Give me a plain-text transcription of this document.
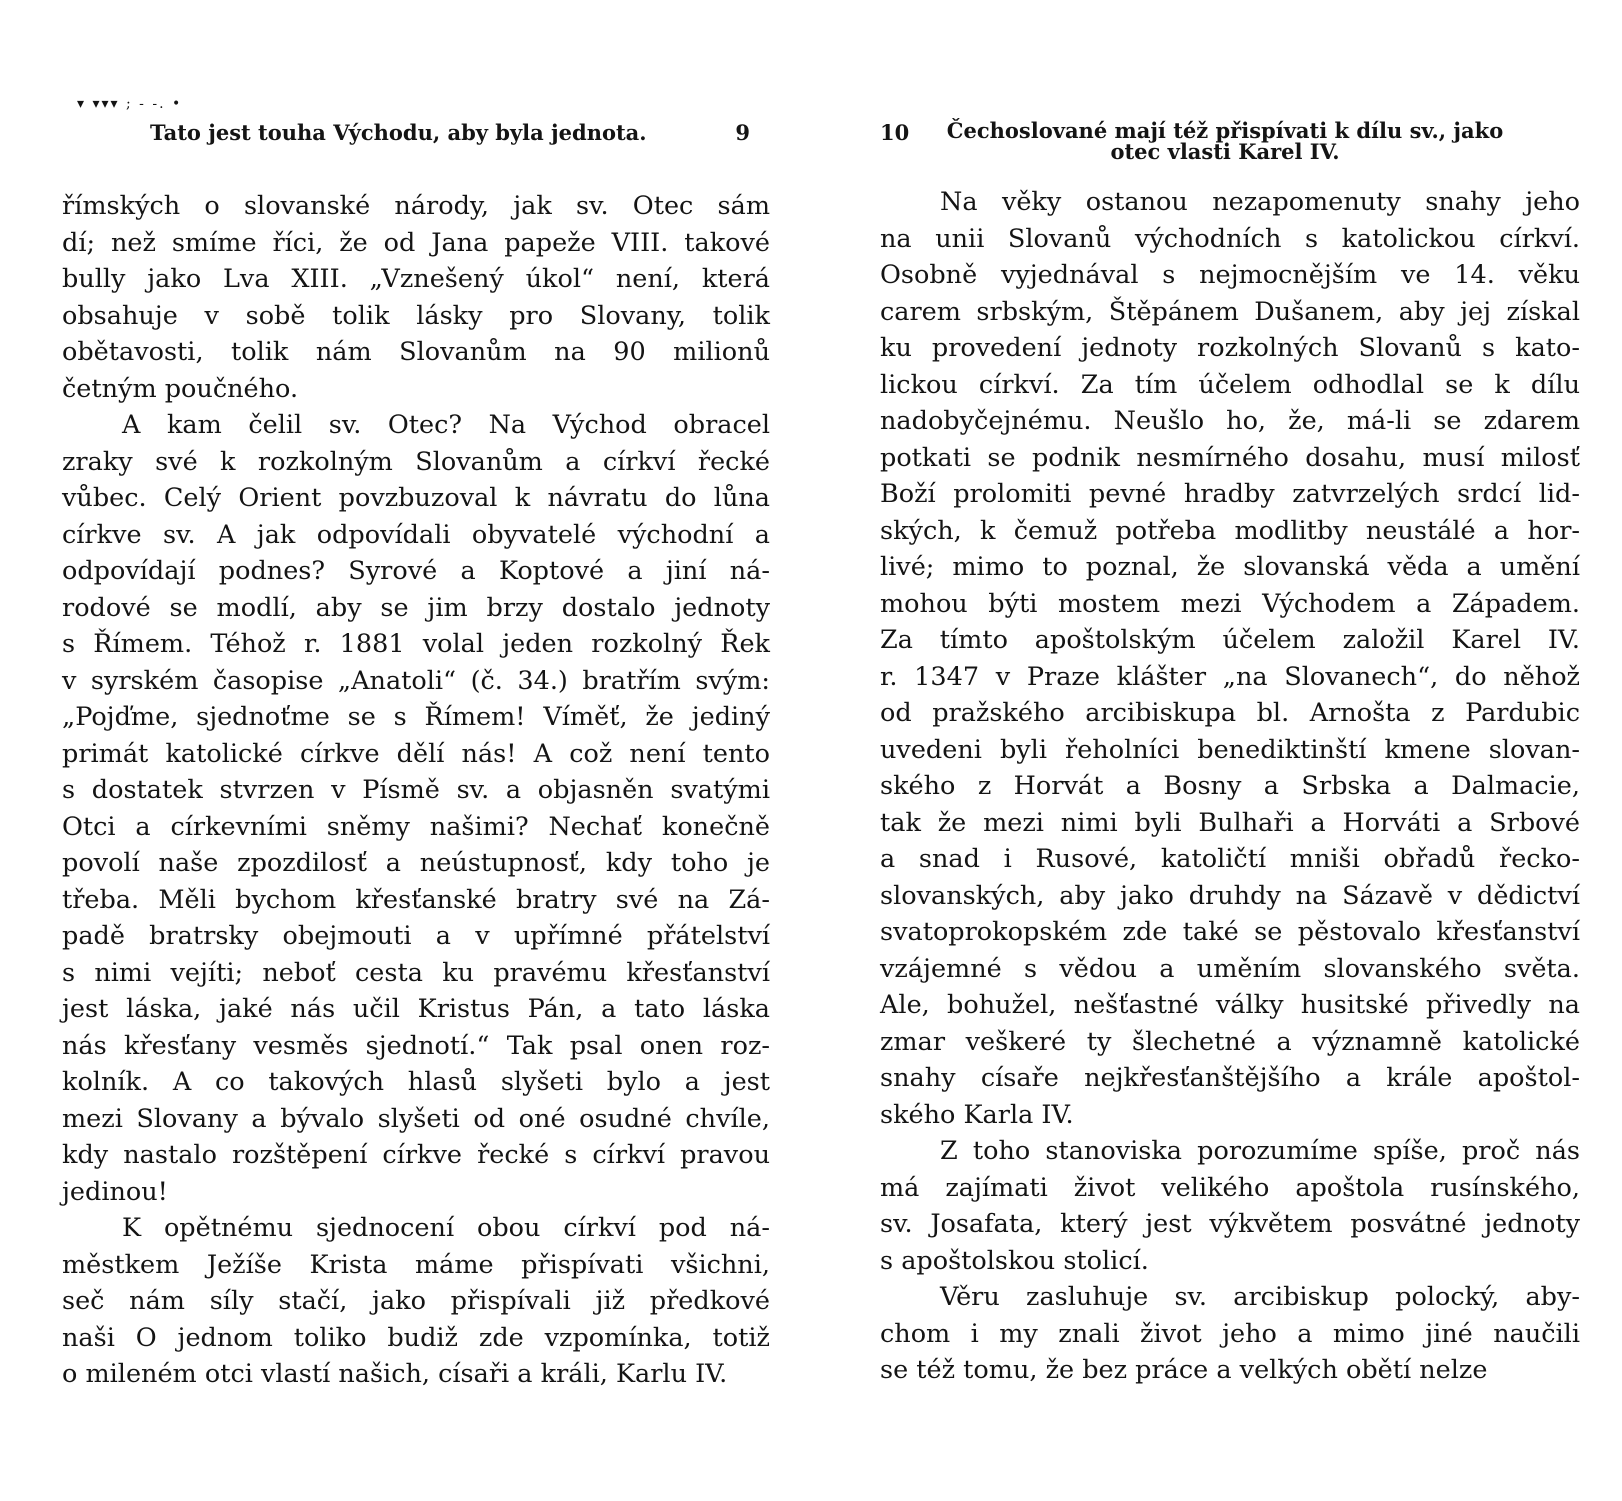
▾ ▾▾▾ ; ‐ ‐. •
Tato jest touha Východu, aby byla jednota.	9
římských o slovanské národy, jak sv. Otec sám
dí; než smíme říci, že od Jana papeže VIII. takové
bully jako Lva XIII. „Vznešený úkol“ není, která
obsahuje v sobě tolik lásky pro Slovany, tolik
obětavosti, tolik nám Slovanům na 90 milionů
četným poučného.
A kam čelil sv. Otec? Na Východ obracel
zraky své k rozkolným Slovanům a církví řecké
vůbec. Celý Orient povzbuzoval k návratu do lůna
církve sv. A jak odpovídali obyvatelé východní a
odpovídají podnes? Syrové a Koptové a jiní ná-
rodové se modlí, aby se jim brzy dostalo jednoty
s Římem. Téhož r. 1881 volal jeden rozkolný Řek
v syrském časopise „Anatoli“ (č. 34.) bratřím svým:
„Pojďme, sjednoťme se s Římem! Víměť, že jediný
primát katolické církve dělí nás! A což není tento
s dostatek stvrzen v Písmě sv. a objasněn svatými
Otci a církevními sněmy našimi? Nechať konečně
povolí naše zpozdilosť a neústupnosť, kdy toho je
třeba. Měli bychom křesťanské bratry své na Zá-
padě bratrsky obejmouti a v upřímné přátelství
s nimi vejíti; neboť cesta ku pravému křesťanství
jest láska, jaké nás učil Kristus Pán, a tato láska
nás křesťany vesměs sjednotí.“ Tak psal onen roz-
kolník. A co takových hlasů slyšeti bylo a jest
mezi Slovany a bývalo slyšeti od oné osudné chvíle,
kdy nastalo rozštěpení církve řecké s církví pravou
jedinou!
K opětnému sjednocení obou církví pod ná-
městkem Ježíše Krista máme přispívati všichni,
seč nám síly stačí, jako přispívali již předkové
naši O jednom toliko budiž zde vzpomínka, totiž
o mileném otci vlastí našich, císaři a králi, Karlu IV.
10	Čechoslované mají též přispívati k dílu sv., jako
otec vlasti Karel IV.
Na věky ostanou nezapomenuty snahy jeho
na unii Slovanů východních s katolickou církví.
Osobně vyjednával s nejmocnějším ve 14. věku
carem srbským, Štěpánem Dušanem, aby jej získal
ku provedení jednoty rozkolných Slovanů s kato-
lickou církví. Za tím účelem odhodlal se k dílu
nadobyčejnému. Neušlo ho, že, má-li se zdarem
potkati se podnik nesmírného dosahu, musí milosť
Boží prolomiti pevné hradby zatvrzelých srdcí lid-
ských, k čemuž potřeba modlitby neustálé a hor-
livé; mimo to poznal, že slovanská věda a umění
mohou býti mostem mezi Východem a Západem.
Za tímto apoštolským účelem založil Karel IV.
r. 1347 v Praze klášter „na Slovanech“, do něhož
od pražského arcibiskupa bl. Arnošta z Pardubic
uvedeni byli řeholníci benediktinští kmene slovan-
ského z Horvát a Bosny a Srbska a Dalmacie,
tak že mezi nimi byli Bulhaři a Horváti a Srbové
a snad i Rusové, katoličtí mniši obřadů řecko-
slovanských, aby jako druhdy na Sázavě v dědictví
svatoprokopském zde také se pěstovalo křesťanství
vzájemné s vědou a uměním slovanského světa.
Ale, bohužel, nešťastné války husitské přivedly na
zmar veškeré ty šlechetné a významně katolické
snahy císaře nejkřesťanštějšího a krále apoštol-
ského Karla IV.
Z toho stanoviska porozumíme spíše, proč nás
má zajímati život velikého apoštola rusínského,
sv. Josafata, který jest výkvětem posvátné jednoty
s apoštolskou stolicí.
Věru zasluhuje sv. arcibiskup polocký, aby-
chom i my znali život jeho a mimo jiné naučili
se též tomu, že bez práce a velkých obětí nelze
